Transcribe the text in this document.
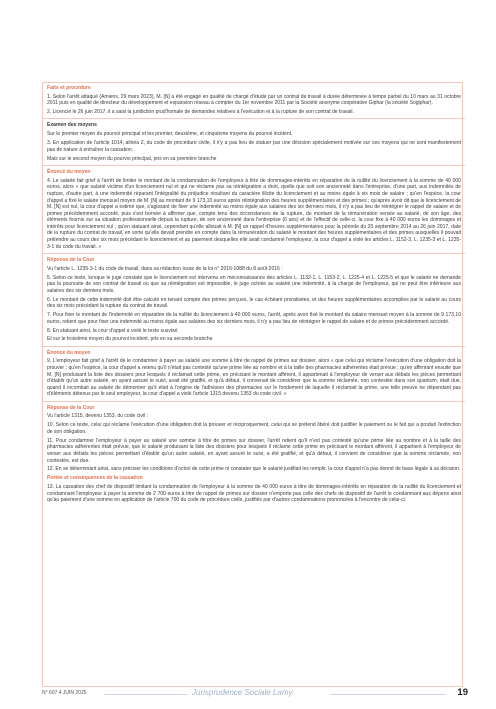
Faits et procédure

1. Selon l'arrêt attaqué (Amiens, 29 mars 2023), M. [N] a été engagé en qualité de chargé d'étude par un contrat de travail à durée déterminée à temps partiel du 10 mars au 31 octobre 2011 puis en qualité de directeur du développement et expansion réseau à compter du 1er novembre 2011 par la Société anonyme coopérative Giphar (la société Sogiphar).

2. Licencié le 26 juin 2017, il a saisi la juridiction prud'homale de demandes relatives à l'exécution et à la rupture de son contrat de travail.

Examen des moyens

Sur le premier moyen du pourvoi principal et les premier, deuxième, et cinquième moyens du pourvoi incident.

3. En application de l'article 1014, alinéa 2, du code de procédure civile, il n'y a pas lieu de statuer par une décision spécialement motivée sur ces moyens qui ne sont manifestement pas de nature à entraîner la cassation.

Mais sur le second moyen du pourvoi principal, pris en sa première branche

Énoncé du moyen

4. Le salarié fait grief à l'arrêt de limiter le montant de la condamnation de l'employeur à titre de dommages-intérêts en réparation de la nullité du licenciement à la somme de 40 000 euros, alors « que salarié victime d'un licenciement nul et qui ne réclame pas sa réintégration a droit, quelle que soit son ancienneté dans l'entreprise, d'une part, aux indemnités de rupture, d'autre part, à une indemnité réparant l'intégralité du préjudice résultant du caractère illicite du licenciement et au moins égale à six mois de salaire ; qu'en l'espèce, la cour d'appel a fixé le salaire mensuel moyen de M. [N] au montant de 9 173,10 euros après réintégration des heures supplémentaires et des primes ; qu'après avoir dit que le licenciement de M. [N] est nul, la cour d'appel a estimé que, s'agissant de fixer une indemnité au moins égale aux salaires des six derniers mois, il n'y a pas lieu de réintégrer le rappel de salaire et de primes précédemment accordé, puis s'est bornée à affirmer que, compte tenu des circonstances de la rupture, du montant de la rémunération versée au salarié, de son âge, des éléments fournis sur sa situation professionnelle depuis la rupture, de son ancienneté dans l'entreprise (6 ans) et de l'effectif de celle-ci, la cour fixe à 40 000 euros les dommages et intérêts pour licenciement nul ; qu'en statuant ainsi, cependant qu'elle allouait à M. [N] un rappel d'heures supplémentaires pour la période du 20 septembre 2014 au 26 juin 2017, date de la rupture du contrat de travail, en sorte qu'elle devait prendre en compte dans la rémunération du salarié le montant des heures supplémentaires et des primes auxquelles il pouvait prétendre au cours des six mois précédant le licenciement et au paiement desquelles elle avait condamné l'employeur, la cour d'appel a violé les articles L. 1152-3, L. 1235-3 et L. 1235-3-1 du code du travail. »

Réponse de la Cour

Vu l'article L. 1235-3-1 du code de travail, dans sa rédaction issue de la loi n° 2016-1088 du 8 août 2016 :

5. Selon ce texte, lorsque le juge constate que le licenciement est intervenu en méconnaissance des articles L. 1132-1, L. 1153-2, L. 1225-4 et L. 1225-5 et que le salarié ne demande pas la poursuite de son contrat de travail ou que sa réintégration est impossible, le juge octroie au salarié une indemnité, à la charge de l'employeur, qui ne peut être inférieure aux salaires des six derniers mois.

6. Le montant de cette indemnité doit être calculé en tenant compte des primes perçues, le cas échéant proratisées, et des heures supplémentaires accomplies par le salarié au cours des six mois précédant la rupture du contrat de travail.

7. Pour fixer le montant de l'indemnité en réparation de la nullité du licenciement à 40 000 euros, l'arrêt, après avoir fixé le montant du salaire mensuel moyen à la somme de 9 173,10 euros, retient que pour fixer une indemnité au moins égale aux salaires des six derniers mois, il n'y a pas lieu de réintégrer le rappel de salaire et de primes précédemment accordé.

8. En statuant ainsi, la cour d'appel a violé le texte susvisé.

Et sur le troisième moyen du pourvoi incident, pris en sa seconde branche

Énoncé du moyen

9. L'employeur fait grief à l'arrêt de le condamner à payer au salarié une somme à titre de rappel de primes sur dossier, alors « que celui qui réclame l'exécution d'une obligation doit la prouver ; qu'en l'espèce, la cour d'appel a retenu qu'il n'était pas contesté qu'une prime liée au nombre et à la taille des pharmacies adhérentes était prévue ; qu'en affirmant ensuite que M. [N] produisant la liste des dossiers pour lesquels il réclamait cette prime, en précisant le montant afférent, il appartenait à l'employeur de verser aux débats les pièces permettant d'établir qu'un autre salarié, en ayant assuré le suivi, avait été gratifié, et qu'à défaut, il convenait de considérer que la somme réclamée, non contestée dans son quantum, était due, quand il incombait au salarié de démontrer qu'il était à l'origine de l'adhésion des pharmacies sur le fondement de laquelle il réclamait la prime, une telle preuve ne dépendant pas d'éléments détenus par le seul employeur, la cour d'appel a violé l'article 1315 devenu 1353 du code civil. »

Réponse de la Cour

Vu l'article 1315, devenu 1353, du code civil :

10. Selon ce texte, celui qui réclame l'exécution d'une obligation doit la prouver et réciproquement, celui qui se prétend libéré doit justifier le paiement ou le fait qui a produit l'extinction de son obligation.

11. Pour condamner l'employeur à payer au salarié une somme à titre de primes sur dossier, l'arrêt retient qu'il n'est pas contesté qu'une prime liée au nombre et à la taille des pharmacies adhérentes était prévue, que le salarié produisant la liste des dossiers pour lesquels il réclame cette prime en précisant le montant afférent, il appartient à l'employeur de verser aux débats les pièces permettant d'établir qu'un autre salarié, en ayant assuré le suivi, a été gratifié, et qu'à défaut, il convient de considérer que la somme réclamée, non contestée, est due.

12. En se déterminant ainsi, sans préciser les conditions d'octroi de cette prime ni constater que le salarié justifiait les remplir, la cour d'appel n'a pas donné de base légale à sa décision.

Portée et conséquences de la cassation

13. La cassation des chef de dispositif limitant la condamnation de l'employeur à la somme de 40 000 euros à titre de dommages-intérêts en réparation de la nullité du licenciement et condamnant l'employeur à payer la somme de 2 700 euros à titre de rappel de primes sur dossier n'emporte pas celle des chefs de dispositif de l'arrêt le condamnant aux dépens ainsi qu'au paiement d'une somme en application de l'article 700 du code de procédure civile, justifiés par d'autres condamnations prononcées à l'encontre de celui-ci.

N° 607 4 JUIN 2025	Jurisprudence Sociale Lamy	19
